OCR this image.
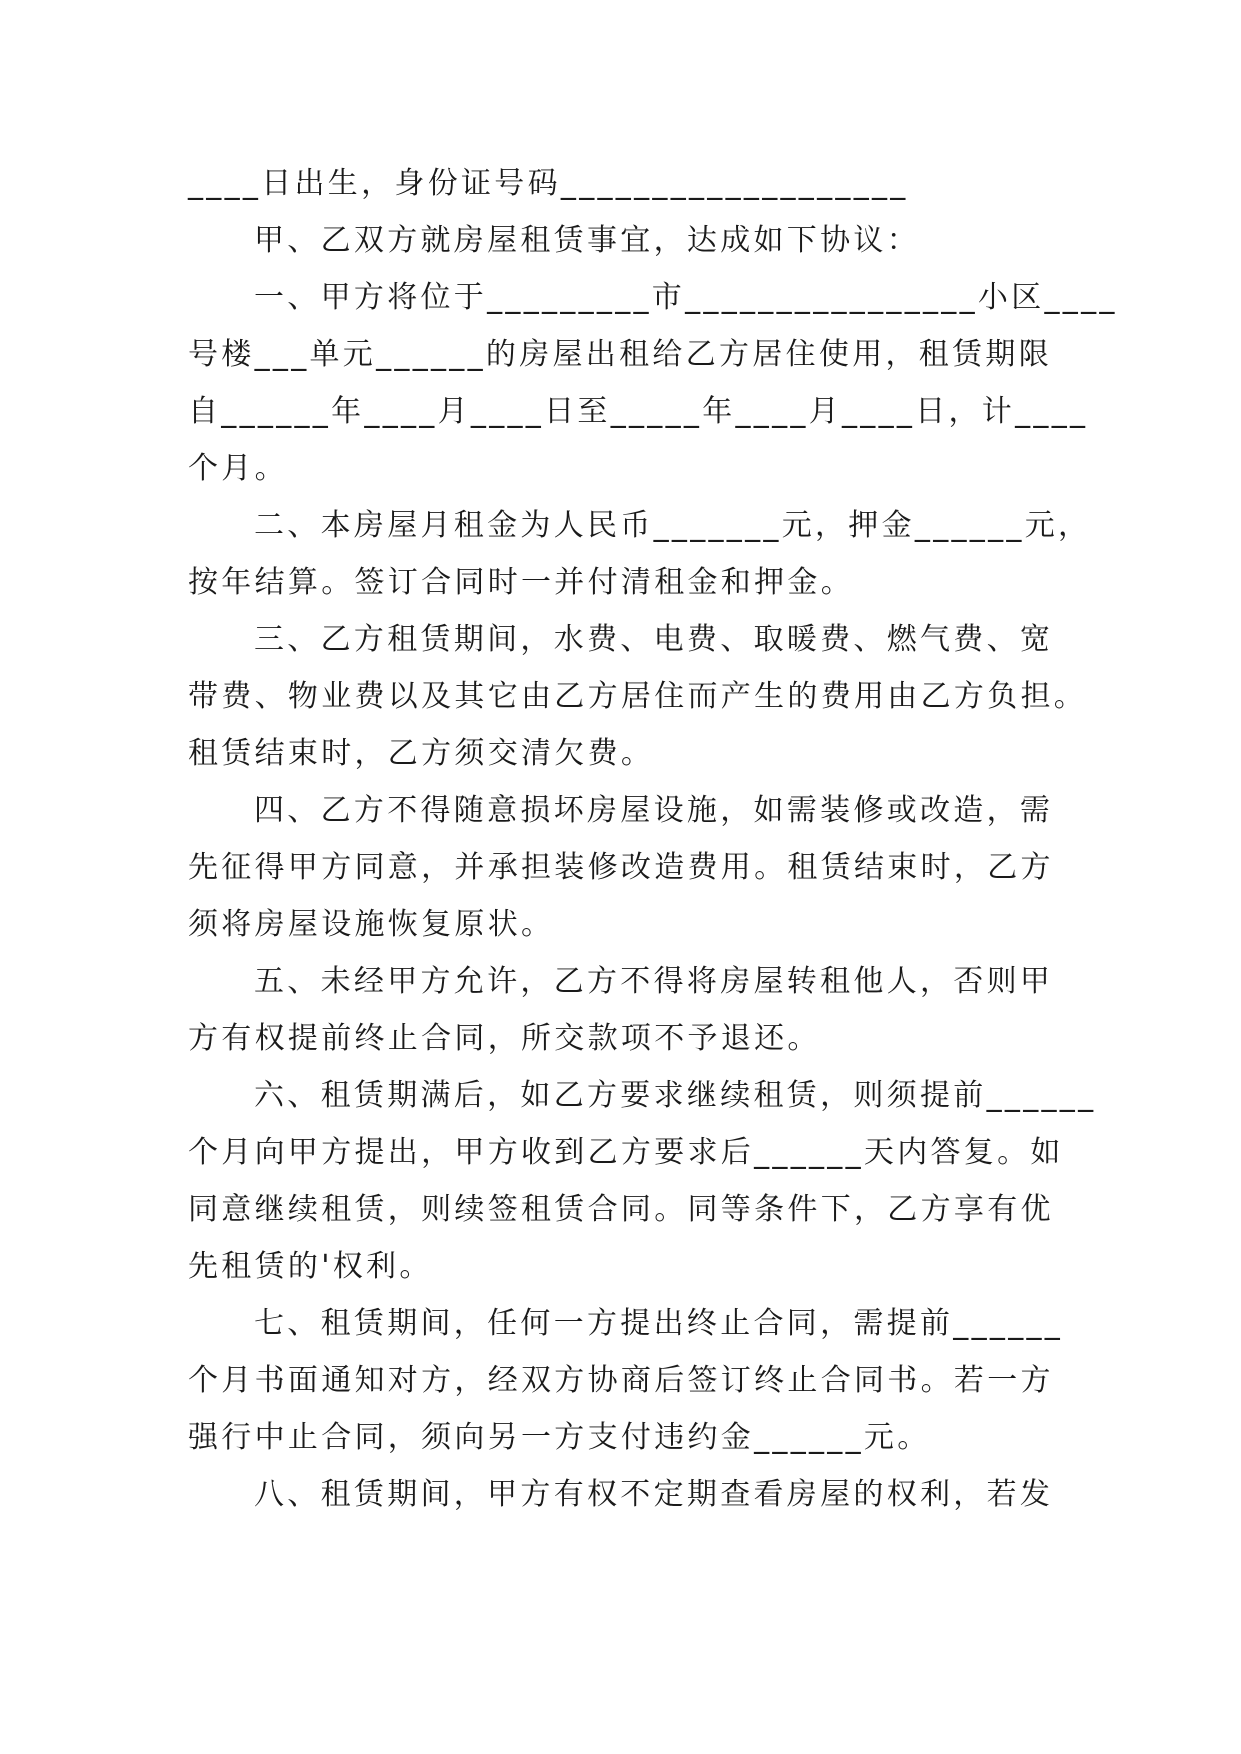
____日出生，身份证号码___________________
甲、乙双方就房屋租赁事宜，达成如下协议：
一、甲方将位于_________市________________小区____
号楼___单元______的房屋出租给乙方居住使用，租赁期限
自______年____月____日至_____年____月____日，计____
个月。
二、本房屋月租金为人民币_______元，押金______元，
按年结算。签订合同时一并付清租金和押金。
三、乙方租赁期间，水费、电费、取暖费、燃气费、宽
带费、物业费以及其它由乙方居住而产生的费用由乙方负担。
租赁结束时，乙方须交清欠费。
四、乙方不得随意损坏房屋设施，如需装修或改造，需
先征得甲方同意，并承担装修改造费用。租赁结束时，乙方
须将房屋设施恢复原状。
五、未经甲方允许，乙方不得将房屋转租他人，否则甲
方有权提前终止合同，所交款项不予退还。
六、租赁期满后，如乙方要求继续租赁，则须提前______
个月向甲方提出，甲方收到乙方要求后______天内答复。如
同意继续租赁，则续签租赁合同。同等条件下，乙方享有优
先租赁的'权利。
七、租赁期间，任何一方提出终止合同，需提前______
个月书面通知对方，经双方协商后签订终止合同书。若一方
强行中止合同，须向另一方支付违约金______元。
八、租赁期间，甲方有权不定期查看房屋的权利，若发
